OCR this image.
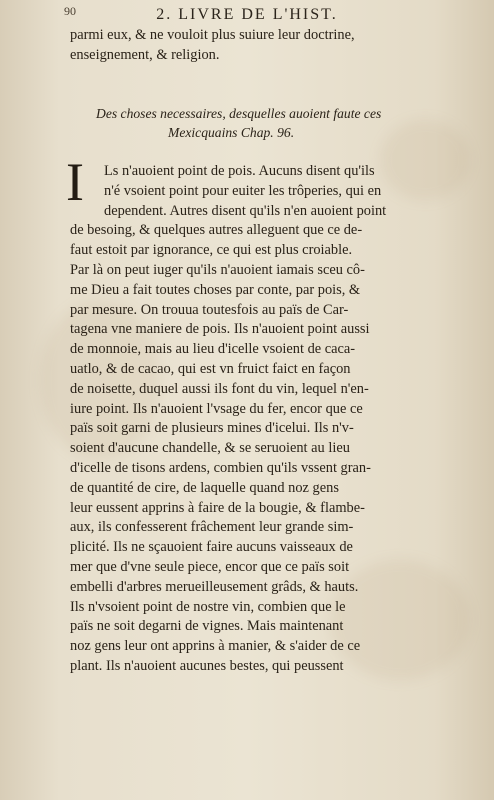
90	2. LIVRE DE L'HIST.
parmi eux, & ne vouloit plus suiure leur doctrine,
enseignement, & religion.
Des choses necessaires, desquelles auoient faute ces
Mexicquains Chap. 96.
I	Ls n'auoient point de pois. Aucuns disent qu'ils
n'é vsoient point pour euiter les trôperies, qui en
dependent. Autres disent qu'ils n'en auoient point
de besoing, & quelques autres alleguent que ce de-
faut estoit par ignorance, ce qui est plus croiable.
Par là on peut iuger qu'ils n'auoient iamais sceu cô-
me Dieu a fait toutes choses par conte, par pois, &
par mesure. On trouua toutesfois au païs de Car-
tagena vne maniere de pois. Ils n'auoient point aussi
de monnoie, mais au lieu d'icelle vsoient de caca-
uatlo, & de cacao, qui est vn fruict faict en façon
de noisette, duquel aussi ils font du vin, lequel n'en-
iure point. Ils n'auoient l'vsage du fer, encor que ce
païs soit garni de plusieurs mines d'icelui. Ils n'v-
soient d'aucune chandelle, & se seruoient au lieu
d'icelle de tisons ardens, combien qu'ils vssent gran-
de quantité de cire, de laquelle quand noz gens
leur eussent apprins à faire de la bougie, & flambe-
aux, ils confesserent frâchement leur grande sim-
plicité. Ils ne sçauoient faire aucuns vaisseaux de
mer que d'vne seule piece, encor que ce païs soit
embelli d'arbres merueilleusement grâds, & hauts.
Ils n'vsoient point de nostre vin, combien que le
païs ne soit degarni de vignes. Mais maintenant
noz gens leur ont apprins à manier, & s'aider de ce
plant. Ils n'auoient aucunes bestes, qui peussent
